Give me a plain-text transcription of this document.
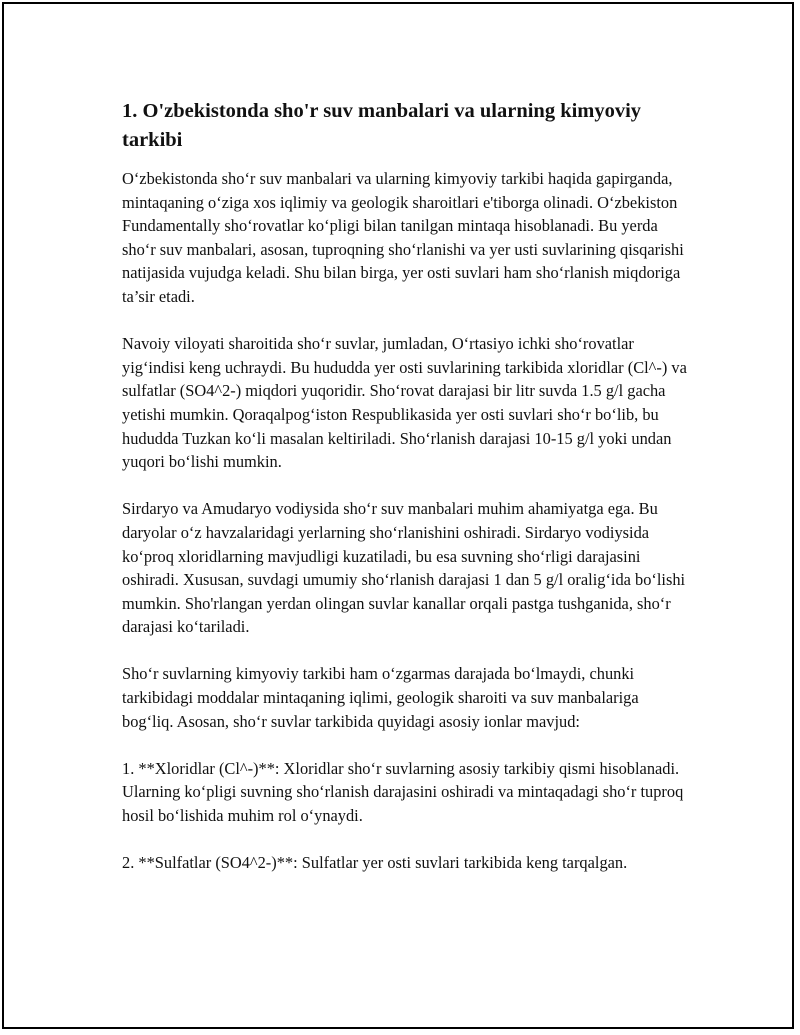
1. O'zbekistonda sho'r suv manbalari va ularning kimyoviy tarkibi

O‘zbekistonda sho‘r suv manbalari va ularning kimyoviy tarkibi haqida gapirganda, mintaqaning o‘ziga xos iqlimiy va geologik sharoitlari e'tiborga olinadi. O‘zbekiston Fundamentally sho‘rovatlar ko‘pligi bilan tanilgan mintaqa hisoblanadi. Bu yerda sho‘r suv manbalari, asosan, tuproqning sho‘rlanishi va yer usti suvlarining qisqarishi natijasida vujudga keladi. Shu bilan birga, yer osti suvlari ham sho‘rlanish miqdoriga ta’sir etadi.

Navoiy viloyati sharoitida sho‘r suvlar, jumladan, O‘rtasiyo ichki sho‘rovatlar yig‘indisi keng uchraydi. Bu hududda yer osti suvlarining tarkibida xloridlar (Cl^-) va sulfatlar (SO4^2-) miqdori yuqoridir. Sho‘rovat darajasi bir litr suvda 1.5 g/l gacha yetishi mumkin. Qoraqalpog‘iston Respublikasida yer osti suvlari sho‘r bo‘lib, bu hududda Tuzkan ko‘li masalan keltiriladi. Sho‘rlanish darajasi 10-15 g/l yoki undan yuqori bo‘lishi mumkin.

Sirdaryo va Amudaryo vodiysida sho‘r suv manbalari muhim ahamiyatga ega. Bu daryolar o‘z havzalaridagi yerlarning sho‘rlanishini oshiradi. Sirdaryo vodiysida ko‘proq xloridlarning mavjudligi kuzatiladi, bu esa suvning sho‘rligi darajasini oshiradi. Xususan, suvdagi umumiy sho‘rlanish darajasi 1 dan 5 g/l oralig‘ida bo‘lishi mumkin. Sho'rlangan yerdan olingan suvlar kanallar orqali pastga tushganida, sho‘r darajasi ko‘tariladi.

Sho‘r suvlarning kimyoviy tarkibi ham o‘zgarmas darajada bo‘lmaydi, chunki tarkibidagi moddalar mintaqaning iqlimi, geologik sharoiti va suv manbalariga bog‘liq. Asosan, sho‘r suvlar tarkibida quyidagi asosiy ionlar mavjud:

1. **Xloridlar (Cl^-)**: Xloridlar sho‘r suvlarning asosiy tarkibiy qismi hisoblanadi. Ularning ko‘pligi suvning sho‘rlanish darajasini oshiradi va mintaqadagi sho‘r tuproq hosil bo‘lishida muhim rol o‘ynaydi.

2. **Sulfatlar (SO4^2-)**: Sulfatlar yer osti suvlari tarkibida keng tarqalgan.
